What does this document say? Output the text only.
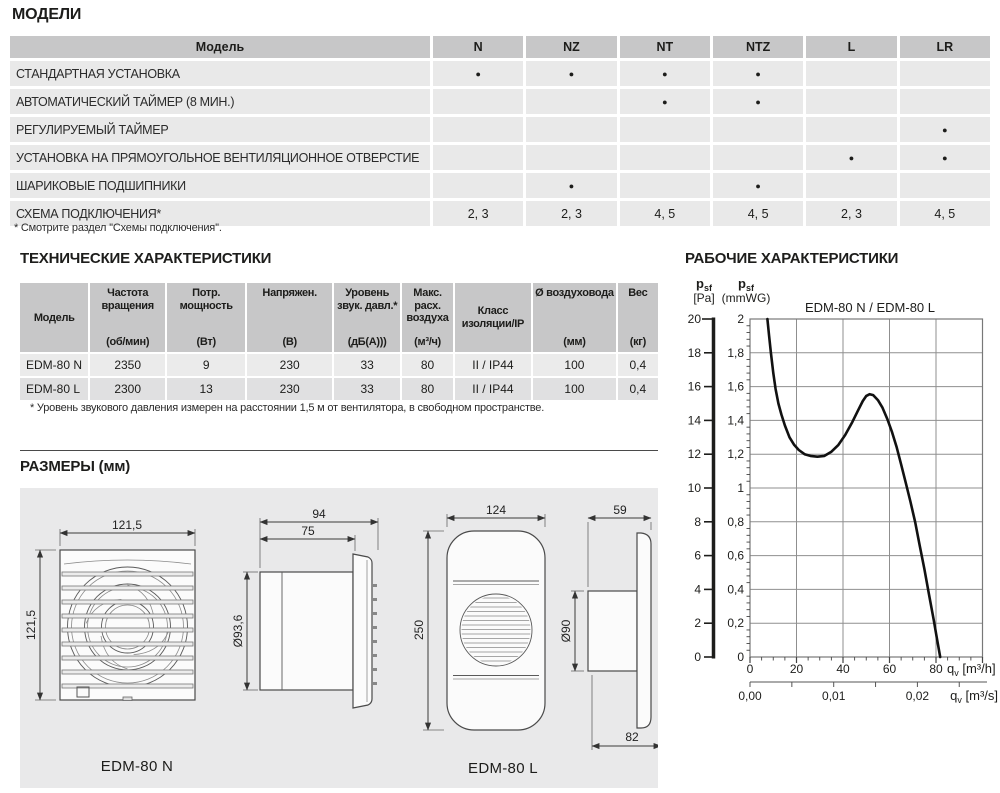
МОДЕЛИ
Модель	N	NZ	NT	NTZ	L	LR
СТАНДАРТНАЯ УСТАНОВКА	●	●	●	●		
АВТОМАТИЧЕСКИЙ ТАЙМЕР (8 МИН.)			●	●		
РЕГУЛИРУЕМЫЙ ТАЙМЕР						●
УСТАНОВКА НА ПРЯМОУГОЛЬНОЕ ВЕНТИЛЯЦИОННОЕ ОТВЕРСТИЕ					●	●
ШАРИКОВЫЕ ПОДШИПНИКИ		●		●		
СХЕМА ПОДКЛЮЧЕНИЯ*	2, 3	2, 3	4, 5	4, 5	2, 3	4, 5
* Смотрите раздел ''Схемы подключения''.
ТЕХНИЧЕСКИЕ ХАРАКТЕРИСТИКИ
Модель

Частота вращения
(об/мин)

Потр. мощность
(Вт)

Напряжен.
(В)

Уровень звук. давл.*
(дБ(А)))

Макс. расх. воздуха
(м³/ч)

Класс изоляции/IP

Ø воздуховода
(мм)

Вес
(кг)

EDM-80 N	2350	9	230	33	80	II / IP44	100	0,4
EDM-80 L	2300	13	230	33	80	II / IP44	100	0,4
* Уровень звукового давления измерен на расстоянии 1,5 м от вентилятора, в свободном пространстве.
РАЗМЕРЫ (мм)
121,5
121,5
94
75
Ø93,6
124
250
59
Ø90
82
EDM-80 N	EDM-80 L
РАБОЧИЕ ХАРАКТЕРИСТИКИ
20
18
16
14
12
10
8
6
4
2
0
2
1,8
1,6
1,4
1,2
1
0,8
0,6
0,4
0,2
0
0	20	40	60	80 $q_v$ [m³/h]
0,00	0,01	0,02 $q_v$ [m³/s]
$p_{sf}$
[Pa]
$p_{sf}$
(mmWG)
EDM-80 N / EDM-80 L
